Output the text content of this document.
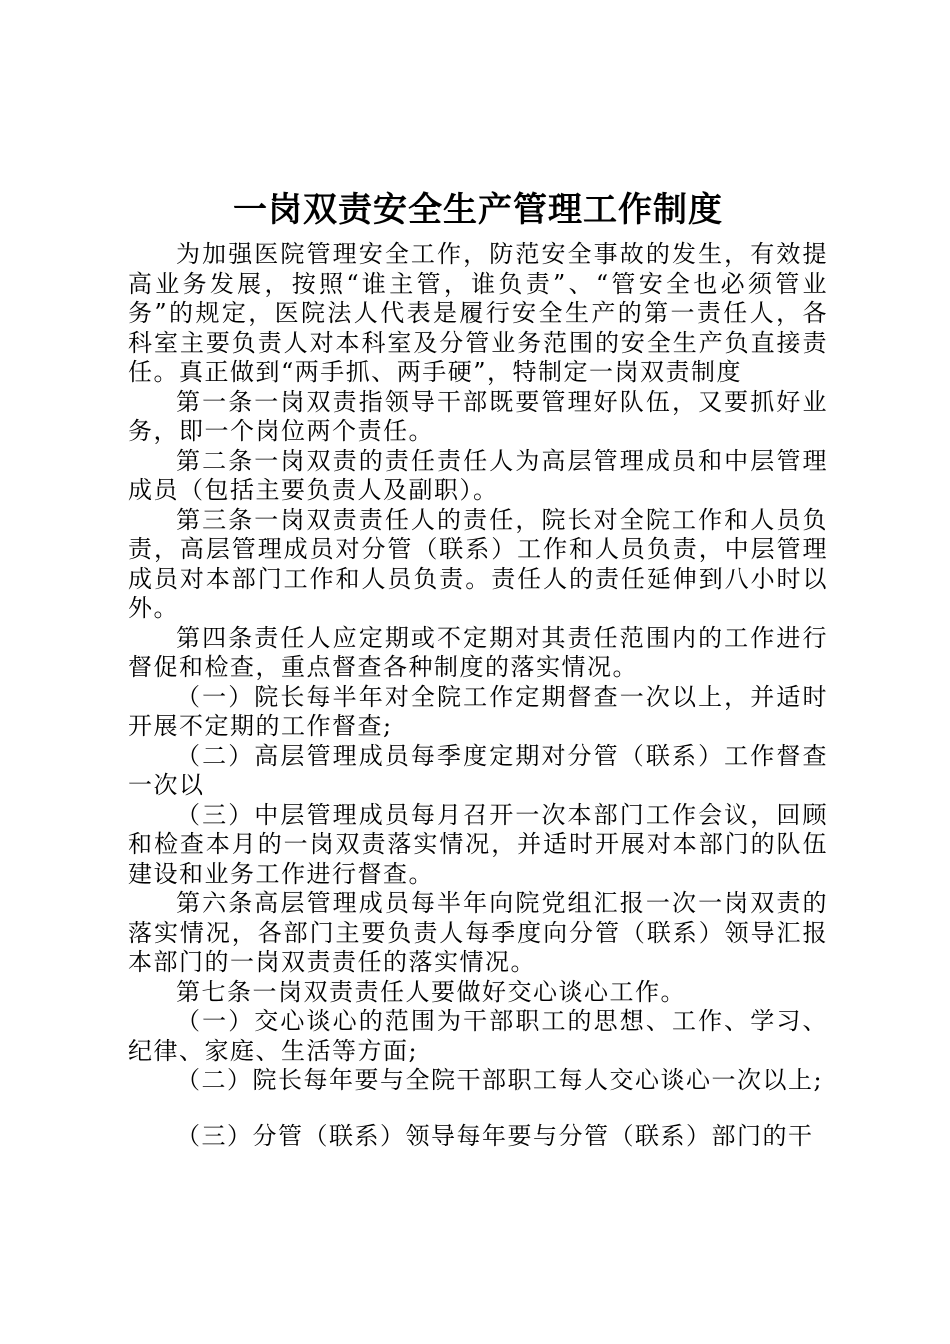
一岗双责安全生产管理工作制度

为加强医院管理安全工作，防范安全事故的发生，有效提高业务发展，按照“谁主管，谁负责”、“管安全也必须管业务”的规定，医院法人代表是履行安全生产的第一责任人，各科室主要负责人对本科室及分管业务范围的安全生产负直接责任。真正做到“两手抓、两手硬”，特制定一岗双责制度

第一条一岗双责指领导干部既要管理好队伍，又要抓好业务，即一个岗位两个责任。

第二条一岗双责的责任责任人为高层管理成员和中层管理成员（包括主要负责人及副职）。

第三条一岗双责责任人的责任，院长对全院工作和人员负责，高层管理成员对分管（联系）工作和人员负责，中层管理成员对本部门工作和人员负责。责任人的责任延伸到八小时以外。

第四条责任人应定期或不定期对其责任范围内的工作进行督促和检查，重点督查各种制度的落实情况。

（一）院长每半年对全院工作定期督查一次以上，并适时开展不定期的工作督查;

（二）高层管理成员每季度定期对分管（联系）工作督查一次以

（三）中层管理成员每月召开一次本部门工作会议，回顾和检查本月的一岗双责落实情况，并适时开展对本部门的队伍建设和业务工作进行督查。

第六条高层管理成员每半年向院党组汇报一次一岗双责的落实情况，各部门主要负责人每季度向分管（联系）领导汇报本部门的一岗双责责任的落实情况。

第七条一岗双责责任人要做好交心谈心工作。

（一）交心谈心的范围为干部职工的思想、工作、学习、纪律、家庭、生活等方面;

（二）院长每年要与全院干部职工每人交心谈心一次以上;

（三）分管（联系）领导每年要与分管（联系）部门的干
